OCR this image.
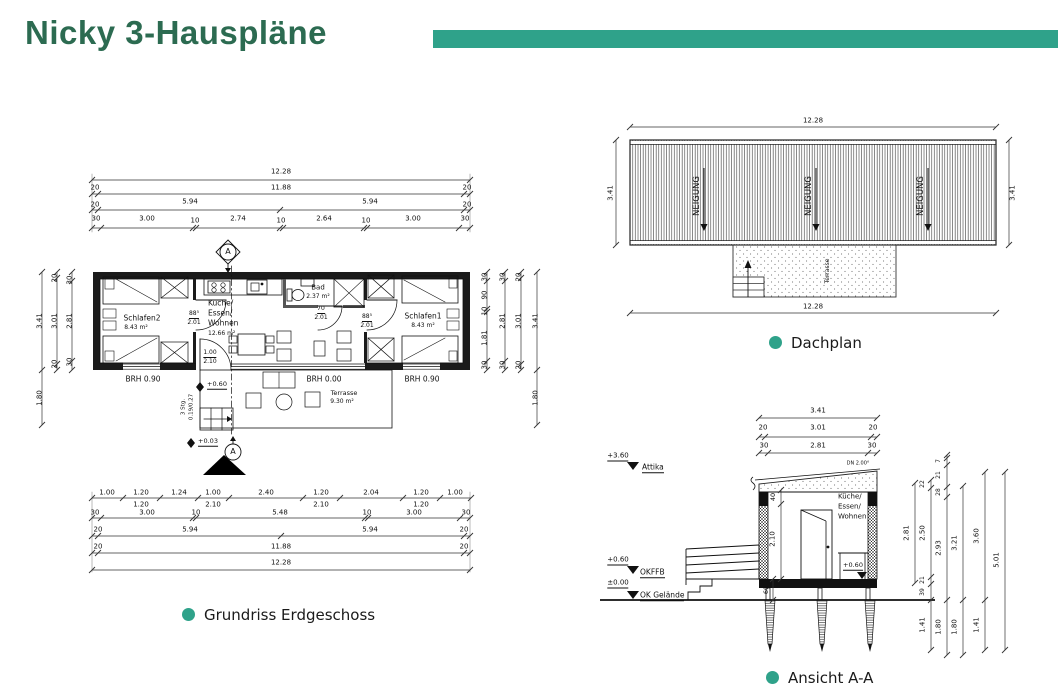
Nicky 3-Hauspläne
12.28
20	11.88	20
20	5.94	5.94	20
30	3.00	10	2.74	10	2.64	10	3.00	30
A
A
Schlafen2
8.43 m²
Küche/
Essen/
Wohnen
12.66 m²
Bad
2.37 m²
Schlafen1
8.43 m²
Terrasse
9.30 m²
88⁵
2.01
70
2.01	88⁵
2.01
1.00
2.10
BRH 0.90	BRH 0.00	BRH 0.90
+0.60
+0.03
3 Stg. 0.19/0.27
1.00	1.20	1.24	1.00	2.40	1.20	2.04	1.20	1.00
1.20	2.10	2.10	1.20
30	3.00	10	5.48	10	3.00	30
20	5.94	5.94	20
20	11.88	20
12.28
3.41
1.80
20
3.01
20
30
2.81
30
30
90
10
1.81
30
30
2.81
30
20
3.01
20
3.41
1.80
12.28
3.41	3.41
NEIGUNG	NEIGUNG	NEIGUNG
Terrasse
12.28
3.41
20	3.01	20
30	2.81	30
DN 2.00°
+3.60
Attika
+0.60
OKFFB
±0.00
OK Gelände
40
2.10
Küche/
Essen/
Wohnen
+0.60
60
2.81
22
2.50
21
39
7
21
28
2.93 3.21 3.60
5.01
1.41 1.80 1.80 1.41
Grundriss Erdgeschoss
Dachplan
Ansicht A-A
